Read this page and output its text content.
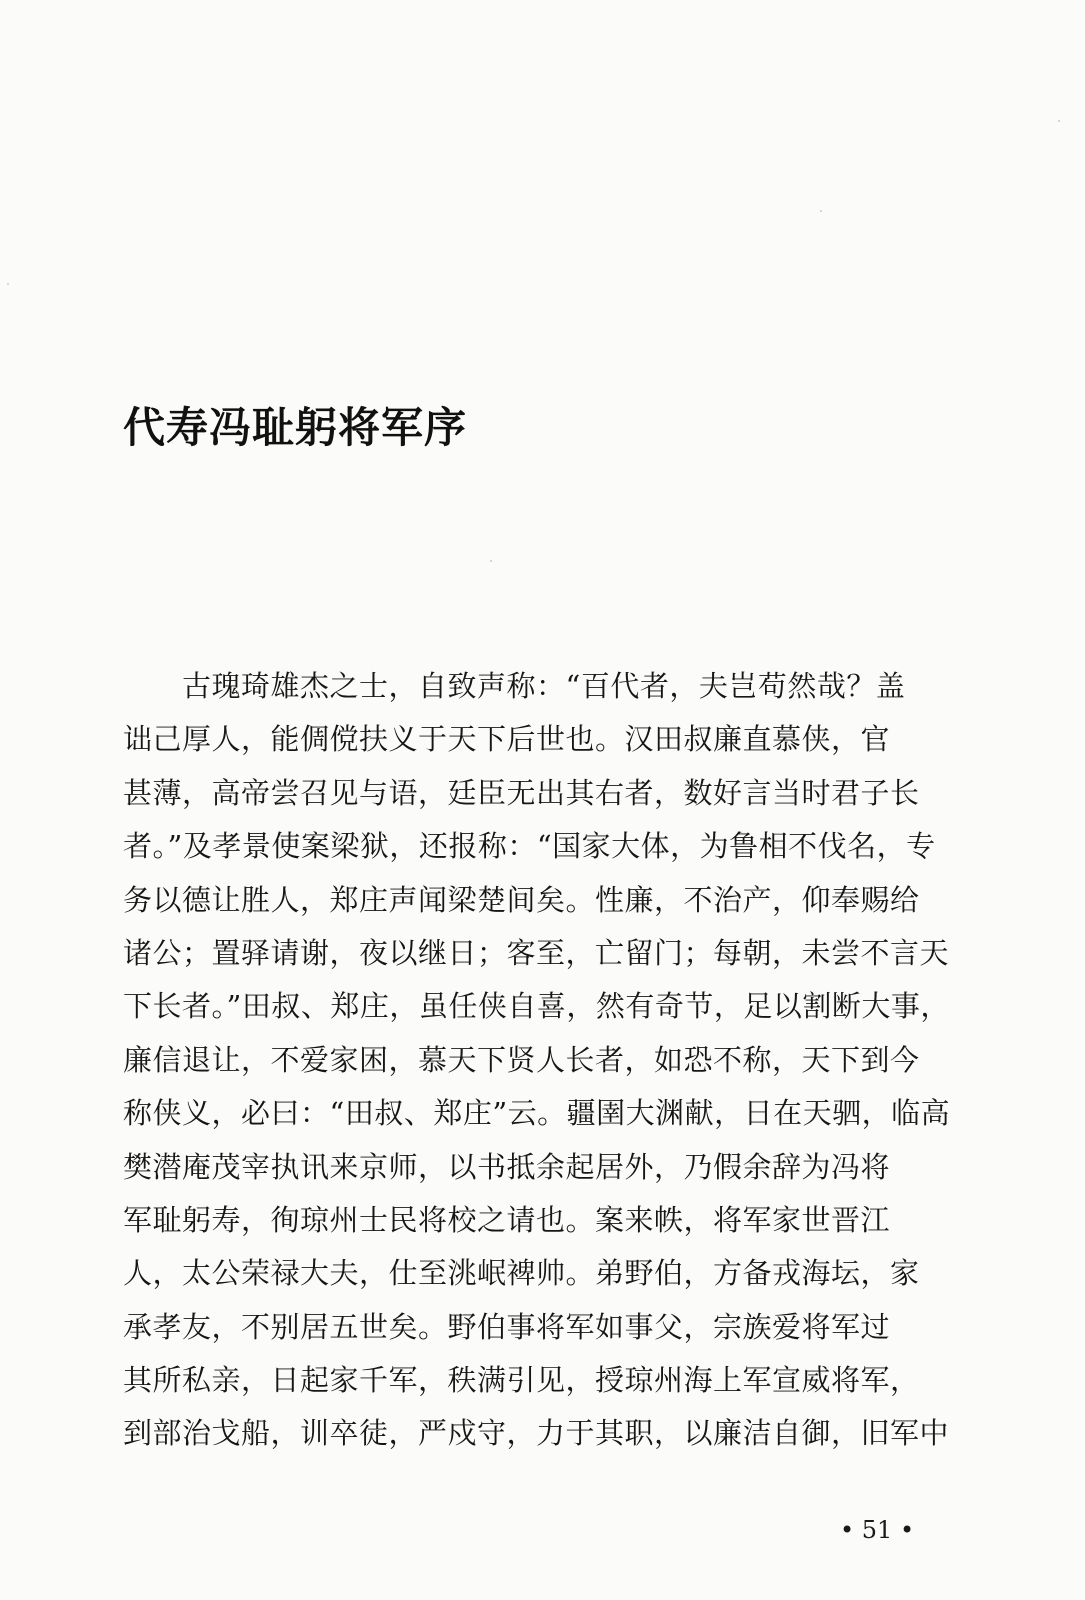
代寿冯耻躬将军序
　　古瑰琦雄杰之士，自致声称：“百代者，夫岂苟然哉？盖
诎己厚人，能倜傥扶义于天下后世也。汉田叔廉直慕侠，官
甚薄，高帝尝召见与语，廷臣无出其右者，数好言当时君子长
者。”及孝景使案梁狱，还报称：“国家大体，为鲁相不伐名，专
务以德让胜人，郑庄声闻梁楚间矣。性廉，不治产，仰奉赐给
诸公；置驿请谢，夜以继日；客至，亡留门；每朝，未尝不言天
下长者。”田叔、郑庄，虽任侠自喜，然有奇节，足以割断大事，
廉信退让，不爱家困，慕天下贤人长者，如恐不称，天下到今
称侠义，必曰：“田叔、郑庄”云。疆圉大渊献，日在天驷，临高
樊潜庵茂宰执讯来京师，以书抵余起居外，乃假余辞为冯将
军耻躬寿，徇琼州士民将校之请也。案来帙，将军家世晋江
人，太公荣禄大夫，仕至洮岷裨帅。弟野伯，方备戎海坛，家
承孝友，不别居五世矣。野伯事将军如事父，宗族爱将军过
其所私亲，日起家千军，秩满引见，授琼州海上军宣威将军，
到部治戈船，训卒徒，严戍守，力于其职，以廉洁自御，旧军中
• 51 •
